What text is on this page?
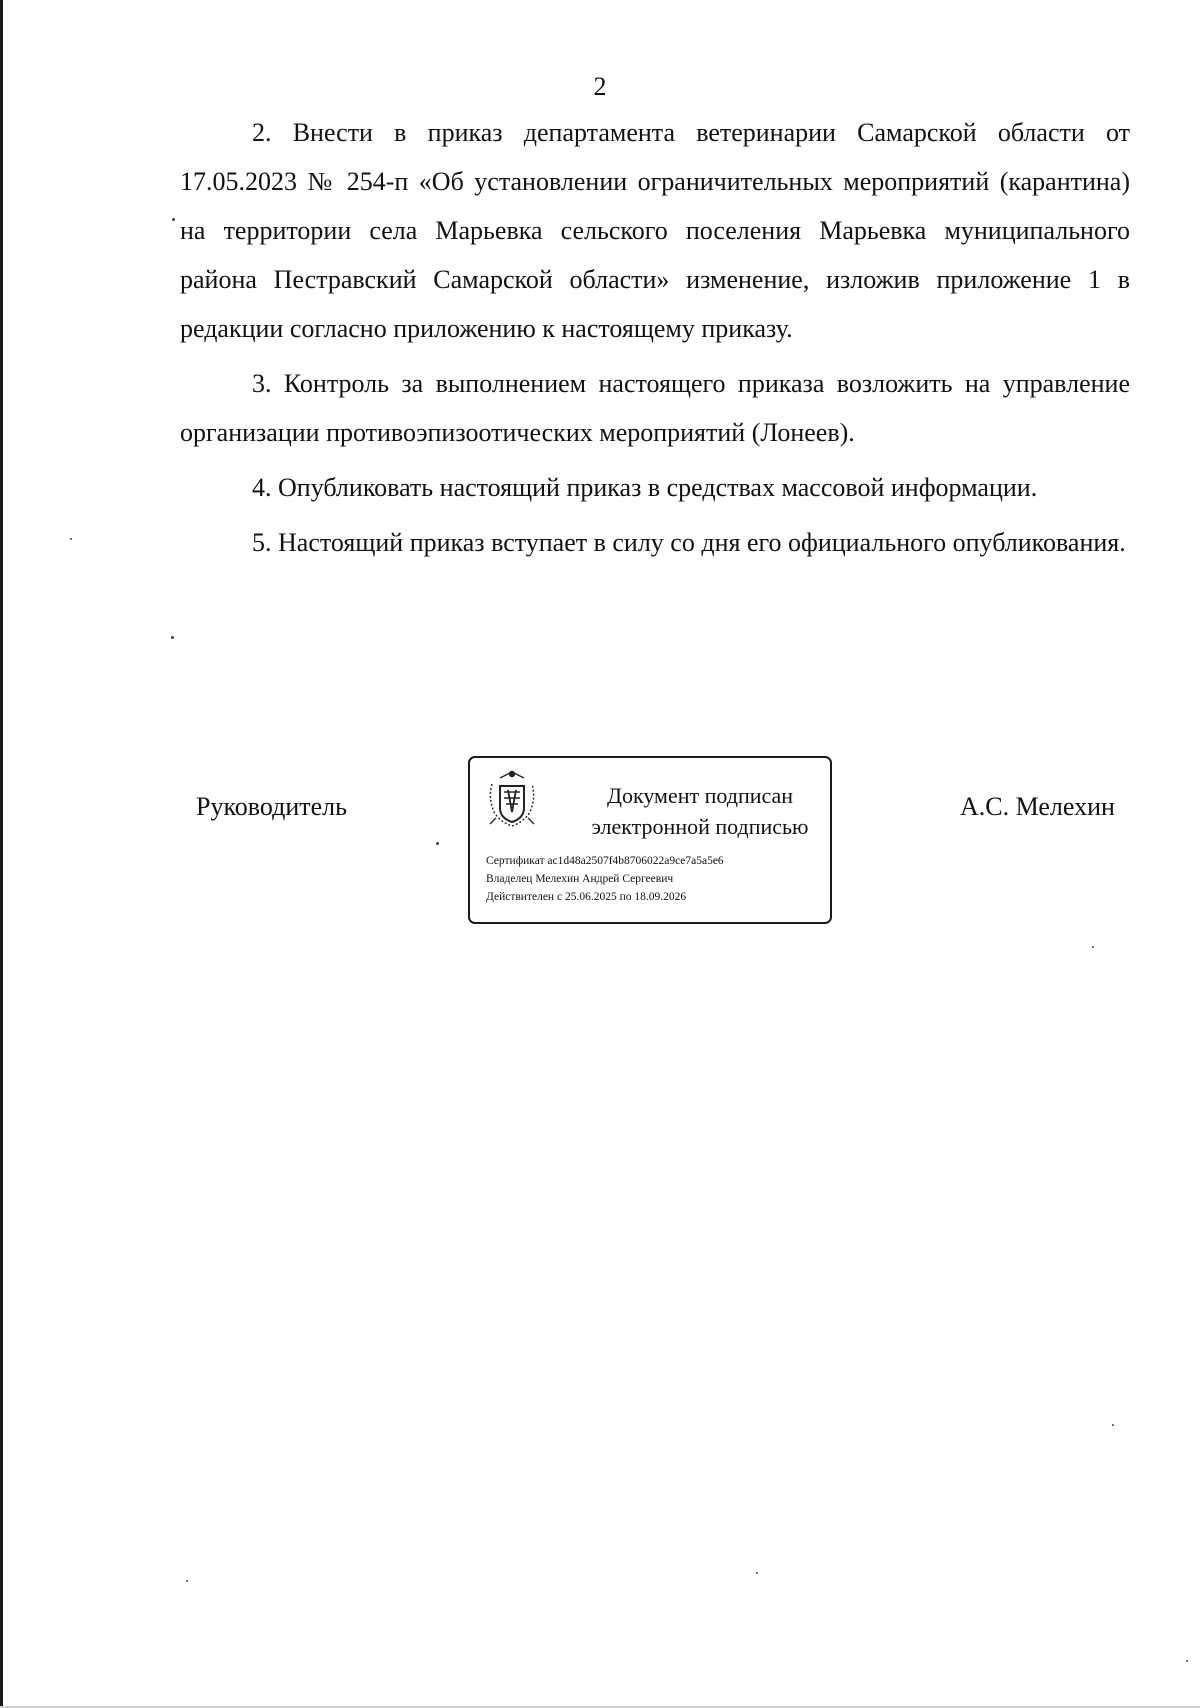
2

2. Внести в приказ департамента ветеринарии Самарской области от 17.05.2023 № 254-п «Об установлении ограничительных мероприятий (карантина) на территории села Марьевка сельского поселения Марьевка муниципального района Пестравский Самарской области» изменение, изложив приложение 1 в редакции согласно приложению к настоящему приказу.

3. Контроль за выполнением настоящего приказа возложить на управление организации противоэпизоотических мероприятий (Лонеев).

4. Опубликовать настоящий приказ в средствах массовой информации.

5. Настоящий приказ вступает в силу со дня его официального опубликования.

Руководитель	Документ подписан
электронной подписью
Сертификат ac1d48a2507f4b8706022a9ce7a5a5e6
Владелец Мелехин Андрей Сергеевич
Действителен с 25.06.2025 по 18.09.2026
А.С. Мелехин
